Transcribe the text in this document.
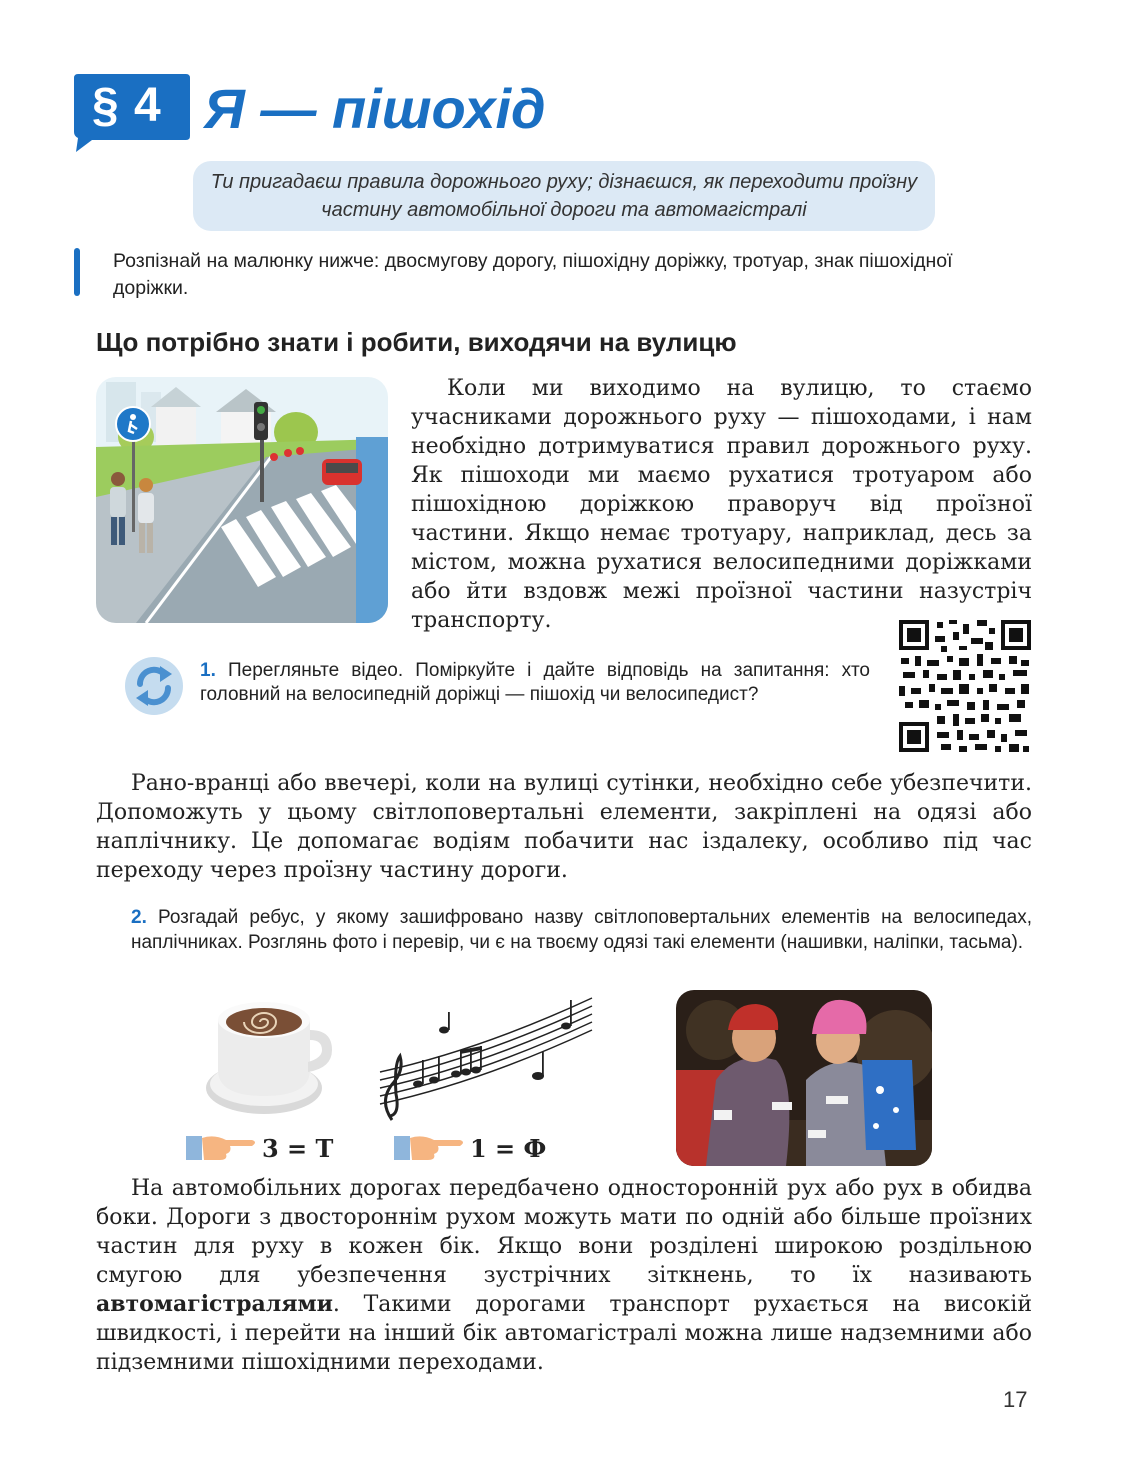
§ 4 Я — пішохід
Ти пригадаєш правила дорожнього руху; дізнаєшся, як переходити проїзну частину автомобільної дороги та автомагістралі
Розпізнай на малюнку нижче: двосмугову дорогу, пішохідну доріжку, тротуар, знак пішохідної доріжки.
Що потрібно знати і робити, виходячи на вулицю
Коли ми виходимо на вулицю, то стаємо учасниками дорожнього руху — пішоходами, і нам необхідно дотримуватися правил дорожнього руху. Як пішоходи ми маємо рухатися тротуаром або пішохідною доріжкою праворуч від проїзної частини. Якщо немає тротуару, наприклад, десь за містом, можна рухатися велосипедними доріжками або йти вздовж межі проїзної частини назустріч транспорту.
1. Перегляньте відео. Поміркуйте і дайте відповідь на запитання: хто головний на велосипедній доріжці — пішохід чи велосипедист?
Рано-вранці або ввечері, коли на вулиці сутінки, необхідно себе убезпечити. Допоможуть у цьому світлоповертальні елементи, закріплені на одязі або наплічнику. Це допомагає водіям побачити нас іздалеку, особливо під час переходу через проїзну частину дороги.
2. Розгадай ребус, у якому зашифровано назву світлоповертальних елементів на велосипедах, наплічниках. Розглянь фото і перевір, чи є на твоєму одязі такі елементи (нашивки, наліпки, тасьма).
3 = Т	1 = Ф
На автомобільних дорогах передбачено односторонній рух або рух в обидва боки. Дороги з двостороннім рухом можуть мати по одній або більше проїзних частин для руху в кожен бік. Якщо вони розділені широкою роздільною смугою для убезпечення зустрічних зіткнень, то їх називають автомагістралями. Такими дорогами транспорт рухається на високій швидкості, і перейти на інший бік автомагістралі можна лише надземними або підземними пішохідними переходами.
17
